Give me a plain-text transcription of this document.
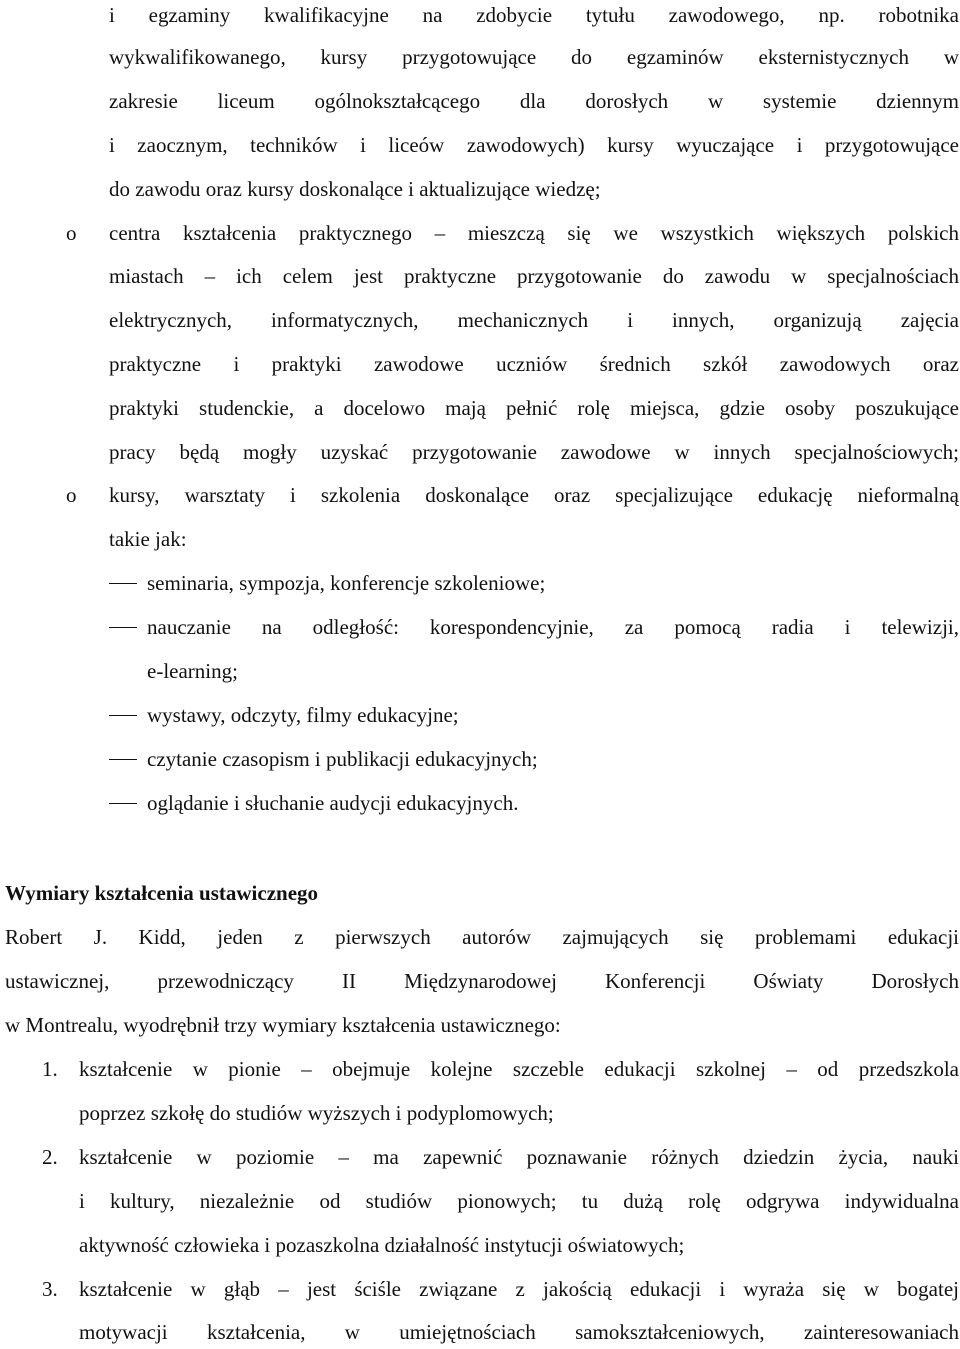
i egzaminy kwalifikacyjne na zdobycie tytułu zawodowego, np. robotnika
wykwalifikowanego, kursy przygotowujące do egzaminów eksternistycznych w
zakresie liceum ogólnokształcącego dla dorosłych w systemie dziennym
i zaocznym, techników i liceów zawodowych) kursy wyuczające i przygotowujące
do zawodu oraz kursy doskonalące i aktualizujące wiedzę;
o centra kształcenia praktycznego – mieszczą się we wszystkich większych polskich
miastach – ich celem jest praktyczne przygotowanie do zawodu w specjalnościach
elektrycznych, informatycznych, mechanicznych i innych, organizują zajęcia
praktyczne i praktyki zawodowe uczniów średnich szkół zawodowych oraz
praktyki studenckie, a docelowo mają pełnić rolę miejsca, gdzie osoby poszukujące
pracy będą mogły uzyskać przygotowanie zawodowe w innych specjalnościowych;
o kursy, warsztaty i szkolenia doskonalące oraz specjalizujące edukację nieformalną
takie jak:
seminaria, sympozja, konferencje szkoleniowe;
nauczanie na odległość: korespondencyjnie, za pomocą radia i telewizji,
e-learning;
wystawy, odczyty, filmy edukacyjne;
czytanie czasopism i publikacji edukacyjnych;
oglądanie i słuchanie audycji edukacyjnych.
Wymiary kształcenia ustawicznego
Robert J. Kidd, jeden z pierwszych autorów zajmujących się problemami edukacji
ustawicznej, przewodniczący II Międzynarodowej Konferencji Oświaty Dorosłych
w Montrealu, wyodrębnił trzy wymiary kształcenia ustawicznego:
1. kształcenie w pionie – obejmuje kolejne szczeble edukacji szkolnej – od przedszkola
poprzez szkołę do studiów wyższych i podyplomowych;
2. kształcenie w poziomie – ma zapewnić poznawanie różnych dziedzin życia, nauki
i kultury, niezależnie od studiów pionowych; tu dużą rolę odgrywa indywidualna
aktywność człowieka i pozaszkolna działalność instytucji oświatowych;
3. kształcenie w głąb – jest ściśle związane z jakością edukacji i wyraża się w bogatej
motywacji kształcenia, w umiejętnościach samokształceniowych, zainteresowaniach
